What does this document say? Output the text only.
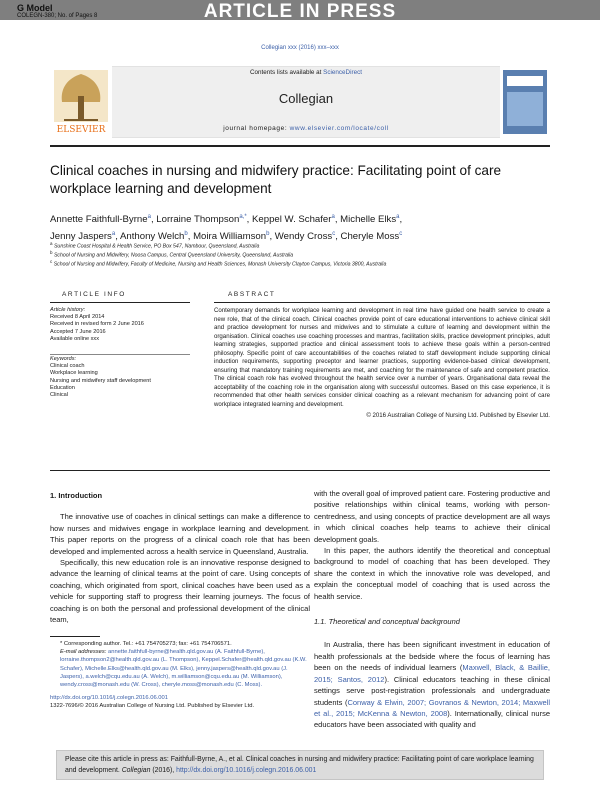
G Model
COLEGN-380; No. of Pages 8	ARTICLE IN PRESS
Collegian xxx (2016) xxx–xxx
ELSEVIER
Contents lists available at ScienceDirect
Collegian
journal homepage: www.elsevier.com/locate/coll
Clinical coaches in nursing and midwifery practice: Facilitating point of care workplace learning and development
Annette Faithfull-Byrne$^a$, Lorraine Thompson$^{a,*}$, Keppel W. Schafer$^a$, Michelle Elks$^a$,
Jenny Jaspers$^a$, Anthony Welch$^b$, Moira Williamson$^b$, Wendy Cross$^c$, Cheryle Moss$^c$
$^a$ Sunshine Coast Hospital & Health Service, PO Box 547, Nambour, Queensland, Australia
$^b$ School of Nursing and Midwifery, Noosa Campus, Central Queensland University, Queensland, Australia
$^c$ School of Nursing and Midwifery, Faculty of Medicine, Nursing and Health Sciences, Monash University Clayton Campus, Victoria 3800, Australia
ARTICLE INFO	ABSTRACT
Article history:
Received 8 April 2014
Received in revised form 2 June 2016
Accepted 7 June 2016
Available online xxx
Keywords:
Clinical coach
Workplace learning
Nursing and midwifery staff development
Education
Clinical
Contemporary demands for workplace learning and development in real time have guided one health service to create a new role, that of the clinical coach. Clinical coaches provide point of care educational interventions to achieve clinical skill and practice development for nurses and midwives and to stimulate a culture of learning and development within the organisation. Clinical coaches use coaching processes and mantras, facilitation skills, practice development principles, adult learning strategies, supported practice and clinical assessment tools to achieve these goals within a person-centred philosophy. Specific point of care accountabilities of the coaches related to staff development include supporting clinical induction requirements, supporting preceptor and learner practices, supporting evidence-based clinical development, ensuring that mandatory training requirements are met, and coaching for the maintenance of safe and competent practice. The clinical coach role has evolved throughout the health service over a number of years. Organisational data reveal the acceptability of the coaching role in the organisation along with successful outcomes. Based on this case experience, it is recommended that other health services consider clinical coaching as a relevant mechanism for advancing point of care workplace integrated learning and development.
© 2016 Australian College of Nursing Ltd. Published by Elsevier Ltd.
1. Introduction

The innovative use of coaches in clinical settings can make a difference to how nurses and midwives engage in workplace learning and development. This paper reports on the progress of a clinical coach role that has been developed and implemented across a health service in Queensland, Australia.

Specifically, this new education role is an innovative response designed to advance the learning of clinical teams at the point of care. Using concepts of coaching, which originated from sport, clinical coaches have been used as a vehicle for supporting staff to progress their learning journeys. The focus of coaching is on both the personal and professional development of the clinical team,

* Corresponding author. Tel.: +61 754705273; fax: +61 754706571.
E-mail addresses: annette.faithfull-byrne@health.qld.gov.au (A. Faithfull-Byrne), lorraine.thompson2@health.qld.gov.au (L. Thompson), Keppel.Schafer@health.qld.gov.au (K.W. Schafer), Michelle.Elks@health.qld.gov.au (M. Elks), jenny.jaspers@health.qld.gov.au (J. Jaspers), a.welch@cqu.edu.au (A. Welch), m.williamson@cqu.edu.au (M. Williamson), wendy.cross@monash.edu (W. Cross), cheryle.moss@monash.edu (C. Moss).
http://dx.doi.org/10.1016/j.colegn.2016.06.001
1322-7696/© 2016 Australian College of Nursing Ltd. Published by Elsevier Ltd.
with the overall goal of improved patient care. Fostering productive and positive relationships within clinical teams, working with person-centredness, and using concepts of practice development are all ways in which clinical coaches help teams to achieve their clinical development goals.

In this paper, the authors identify the theoretical and conceptual background to model of coaching that has been developed. They share the context in which the innovative role was developed, and explain the conceptual model of coaching that is used across the health service.

1.1. Theoretical and conceptual background

In Australia, there has been significant investment in education of health professionals at the bedside where the focus of learning has been on the needs of individual learners (Maxwell, Black, & Baillie, 2015; Santos, 2012). Clinical educators teaching in these clinical settings serve post-registration professionals and undergraduate students (Conway & Elwin, 2007; Govranos & Newton, 2014; Maxwell et al., 2015; McKenna & Newton, 2008). Internationally, clinical nurse educators have been associated with quality and

Please cite this article in press as: Faithfull-Byrne, A., et al. Clinical coaches in nursing and midwifery practice: Facilitating point of care workplace learning and development. Collegian (2016), http://dx.doi.org/10.1016/j.colegn.2016.06.001
